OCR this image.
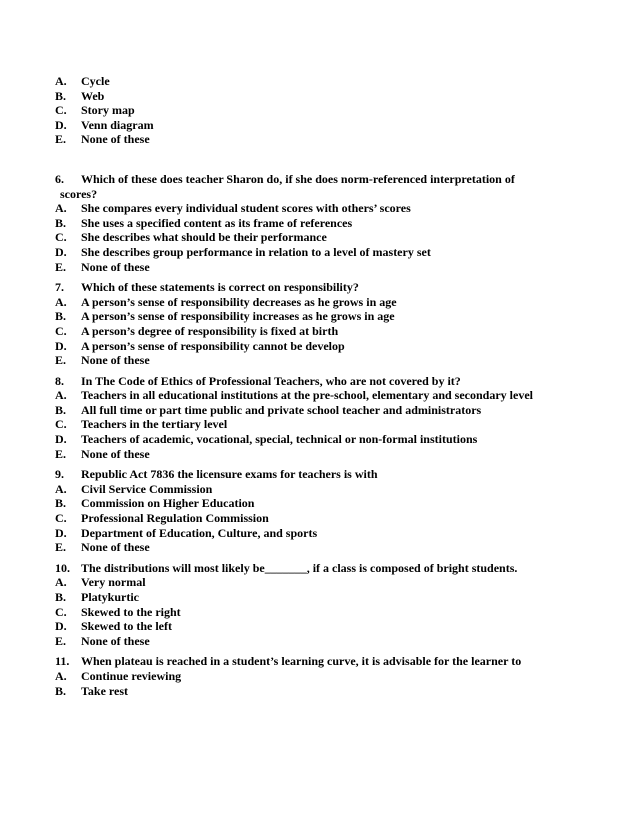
A. Cycle
B. Web
C. Story map
D. Venn diagram
E. None of these
6. Which of these does teacher Sharon do, if she does norm-referenced interpretation of
scores?
A. She compares every individual student scores with others’ scores
B. She uses a specified content as its frame of references
C. She describes what should be their performance
D. She describes group performance in relation to a level of mastery set
E. None of these
7. Which of these statements is correct on responsibility?
A. A person’s sense of responsibility decreases as he grows in age
B. A person’s sense of responsibility increases as he grows in age
C. A person’s degree of responsibility is fixed at birth
D. A person’s sense of responsibility cannot be develop
E. None of these
8. In The Code of Ethics of Professional Teachers, who are not covered by it?
A. Teachers in all educational institutions at the pre-school, elementary and secondary level
B. All full time or part time public and private school teacher and administrators
C. Teachers in the tertiary level
D. Teachers of academic, vocational, special, technical or non-formal institutions
E. None of these
9. Republic Act 7836 the licensure exams for teachers is with
A. Civil Service Commission
B. Commission on Higher Education
C. Professional Regulation Commission
D. Department of Education, Culture, and sports
E. None of these
10. The distributions will most likely be_______, if a class is composed of bright students.
A. Very normal
B. Platykurtic
C. Skewed to the right
D. Skewed to the left
E. None of these
11. When plateau is reached in a student’s learning curve, it is advisable for the learner to
A. Continue reviewing
B. Take rest
